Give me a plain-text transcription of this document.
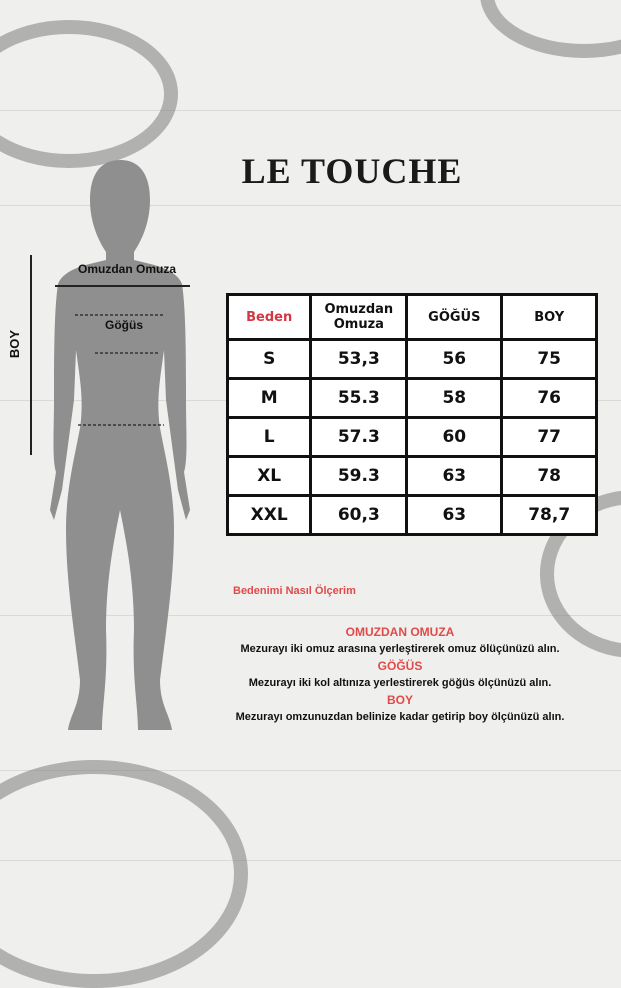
LE TOUCHE
Omuzdan Omuza
Göğüs
BOY
Beden	Omuzdan Omuza	GÖĞÜS	BOY
S	53,3	56	75
M	55.3	58	76
L	57.3	60	77
XL	59.3	63	78
XXL	60,3	63	78,7
Bedenimi Nasıl Ölçerim
OMUZDAN OMUZA
Mezurayı iki omuz arasına yerleştirerek omuz ölüçünüzü alın.
GÖĞÜS
Mezurayı iki kol altınıza yerlestirerek göğüs ölçünüzü alın.
BOY
Mezurayı omzunuzdan belinize kadar getirip boy ölçünüzü alın.
